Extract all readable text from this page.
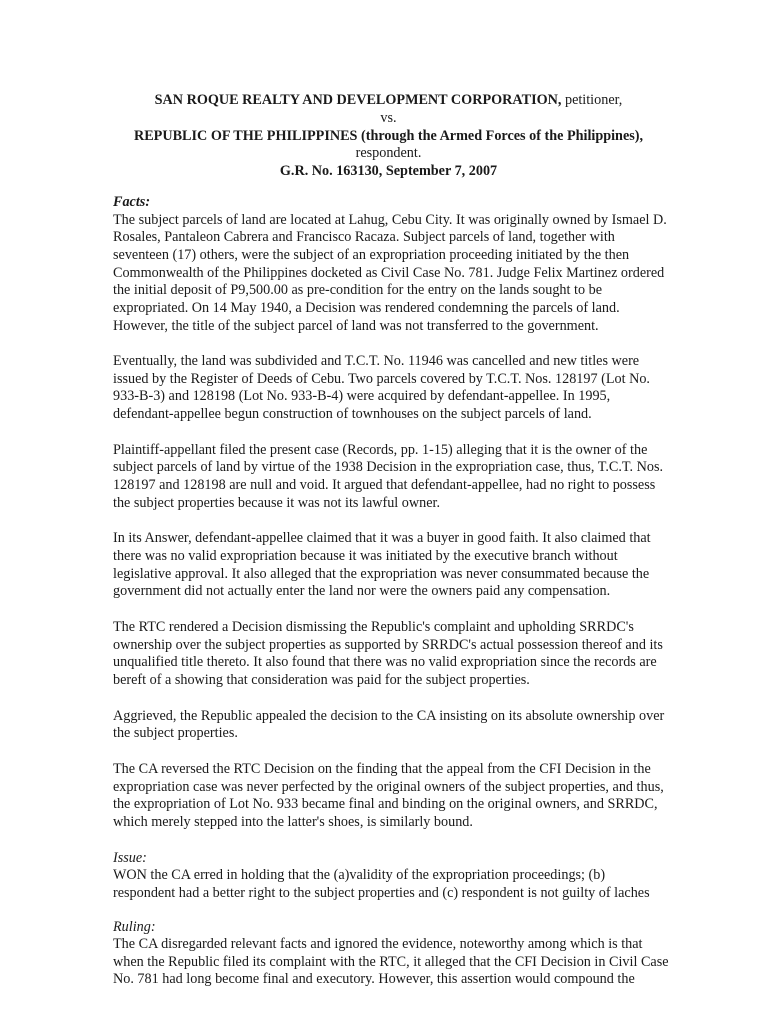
SAN ROQUE REALTY AND DEVELOPMENT CORPORATION, petitioner,
vs.
REPUBLIC OF THE PHILIPPINES (through the Armed Forces of the Philippines),
respondent.
G.R. No. 163130, September 7, 2007
Facts:

The subject parcels of land are located at Lahug, Cebu City. It was originally owned by Ismael D.
Rosales, Pantaleon Cabrera and Francisco Racaza. Subject parcels of land, together with
seventeen (17) others, were the subject of an expropriation proceeding initiated by the then
Commonwealth of the Philippines docketed as Civil Case No. 781. Judge Felix Martinez ordered
the initial deposit of P9,500.00 as pre-condition for the entry on the lands sought to be
expropriated. On 14 May 1940, a Decision was rendered condemning the parcels of land.
However, the title of the subject parcel of land was not transferred to the government.

Eventually, the land was subdivided and T.C.T. No. 11946 was cancelled and new titles were
issued by the Register of Deeds of Cebu. Two parcels covered by T.C.T. Nos. 128197 (Lot No.
933-B-3) and 128198 (Lot No. 933-B-4) were acquired by defendant-appellee. In 1995,
defendant-appellee begun construction of townhouses on the subject parcels of land.

Plaintiff-appellant filed the present case (Records, pp. 1-15) alleging that it is the owner of the
subject parcels of land by virtue of the 1938 Decision in the expropriation case, thus, T.C.T. Nos.
128197 and 128198 are null and void. It argued that defendant-appellee, had no right to possess
the subject properties because it was not its lawful owner.

In its Answer, defendant-appellee claimed that it was a buyer in good faith. It also claimed that
there was no valid expropriation because it was initiated by the executive branch without
legislative approval. It also alleged that the expropriation was never consummated because the
government did not actually enter the land nor were the owners paid any compensation.

The RTC rendered a Decision dismissing the Republic's complaint and upholding SRRDC's
ownership over the subject properties as supported by SRRDC's actual possession thereof and its
unqualified title thereto. It also found that there was no valid expropriation since the records are
bereft of a showing that consideration was paid for the subject properties.

Aggrieved, the Republic appealed the decision to the CA insisting on its absolute ownership over
the subject properties.

The CA reversed the RTC Decision on the finding that the appeal from the CFI Decision in the
expropriation case was never perfected by the original owners of the subject properties, and thus,
the expropriation of Lot No. 933 became final and binding on the original owners, and SRRDC,
which merely stepped into the latter's shoes, is similarly bound.

Issue:

WON the CA erred in holding that the (a)validity of the expropriation proceedings; (b)
respondent had a better right to the subject properties and (c) respondent is not guilty of laches

Ruling:

The CA disregarded relevant facts and ignored the evidence, noteworthy among which is that
when the Republic filed its complaint with the RTC, it alleged that the CFI Decision in Civil Case
No. 781 had long become final and executory. However, this assertion would compound the
